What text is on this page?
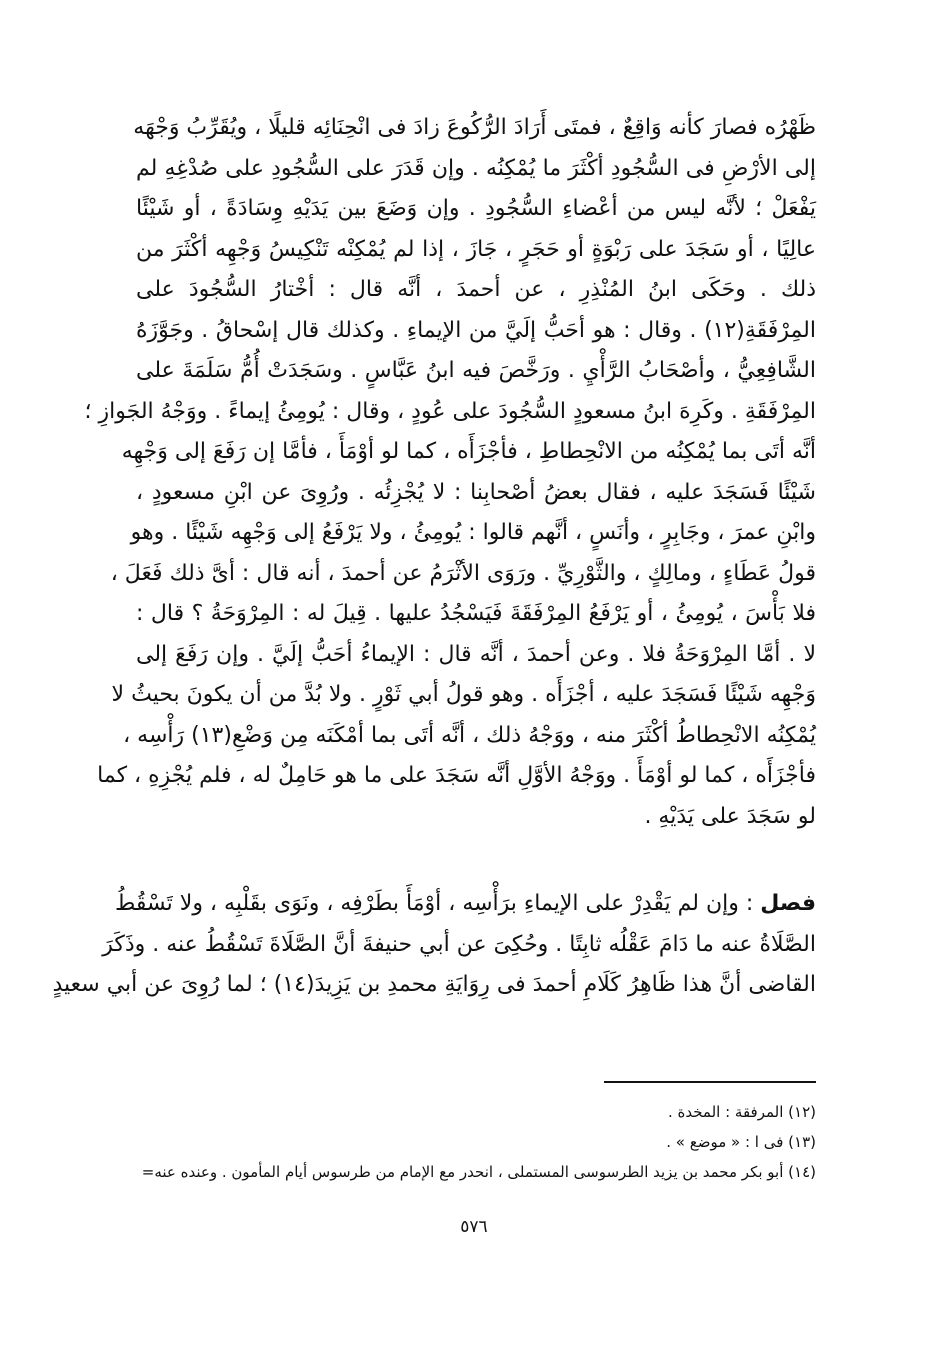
ظَهْرُه فصارَ كأنه وَاقِعٌ ، فمتَى أَرَادَ الرُّكُوعَ زادَ فى انْحِنَائِه قليلًا ، ويُقَرِّبُ وَجْهَه
إلى الأرْضِ فى السُّجُودِ أكْثَرَ ما يُمْكِنُه . وإن قَدَرَ على السُّجُودِ على صُدْغِهِ لم
يَفْعَلْ ؛ لأنَّه ليس من أعْضاءِ السُّجُودِ . وإن وَضَعَ بين يَدَيْهِ وِسَادَةً ، أو شَيْئًا
عالِيًا ، أو سَجَدَ على رَبْوَةٍ أو حَجَرٍ ، جَازَ ، إذا لم يُمْكِنْه تَنْكِيسُ وَجْهِه أكْثَرَ من
ذلك . وحَكَى ابنُ المُنْذِرِ ، عن أحمدَ ، أنَّه قال : أخْتارُ السُّجُودَ على
المِرْفَقَةِ(١٢) . وقال : هو أحَبُّ إلَيَّ من الإيماءِ . وكذلك قال إسْحاقُ . وجَوَّزَهُ
الشَّافِعِيُّ ، وأصْحَابُ الرَّأْيِ . ورَخَّصَ فيه ابنُ عَبَّاسٍ . وسَجَدَتْ أُمُّ سَلَمَةَ على
المِرْفَقَةِ . وكَرِهَ ابنُ مسعودٍ السُّجُودَ على عُودٍ ، وقال : يُومِئُ إيماءً . ووَجْهُ الجَوازِ ؛
أنَّه أتَى بما يُمْكِنُه من الانْحِطاطِ ، فأجْزَأَه ، كما لو أوْمَأَ ، فأمَّا إن رَفَعَ إلى وَجْهِه
شَيْئًا فَسَجَدَ عليه ، فقال بعضُ أصْحابِنا : لا يُجْزِئُه . ورُوِىَ عن ابْنِ مسعودٍ ،
وابْنِ عمرَ ، وجَابِرٍ ، وأنَسٍ ، أنَّهم قالوا : يُومِئُ ، ولا يَرْفَعُ إلى وَجْهِه شَيْئًا . وهو
قولُ عَطَاءٍ ، ومالِكٍ ، والثَّوْرِيِّ . ورَوَى الأثْرَمُ عن أحمدَ ، أنه قال : أىَّ ذلك فَعَلَ ،
فلا بَأْسَ ، يُومِئُ ، أو يَرْفَعُ المِرْفَقَةَ فَيَسْجُدُ عليها . قِيلَ له : المِرْوَحَةُ ؟ قال :
لا . أمَّا المِرْوَحَةُ فلا . وعن أحمدَ ، أنَّه قال : الإيماءُ أحَبُّ إلَيَّ . وإن رَفَعَ إلى
وَجْهِه شَيْئًا فَسَجَدَ عليه ، أجْزَأَه . وهو قولُ أبي ثَوْرٍ . ولا بُدَّ من أن يكونَ بحيثُ لا
يُمْكِنُه الانْحِطاطُ أكْثَرَ منه ، ووَجْهُ ذلك ، أنَّه أتَى بما أمْكَنَه مِن وَضْعِ(١٣) رَأْسِه ،
فأجْزَأَه ، كما لو أوْمَأَ . ووَجْهُ الأوَّلِ أنَّه سَجَدَ على ما هو حَامِلٌ له ، فلم يُجْزِهِ ، كما
لو سَجَدَ على يَدَيْهِ .
فصل : وإن لم يَقْدِرْ على الإيماءِ برَأْسِه ، أوْمَأَ بطَرْفِه ، ونَوَى بقَلْبِه ، ولا تَسْقُطُ
الصَّلَاةُ عنه ما دَامَ عَقْلُه ثابِتًا . وحُكِىَ عن أبي حنيفةَ أنَّ الصَّلَاةَ تَسْقُطُ عنه . وذَكَرَ
القاضى أنَّ هذا ظَاهِرُ كَلَامِ أحمدَ فى رِوَايَةِ محمدِ بن يَزِيدَ(١٤) ؛ لما رُوِىَ عن أبي سعيدٍ
(١٢) المرفقة : المخدة .
(١٣) فى ا : « موضع » .
(١٤) أبو بكر محمد بن يزيد الطرسوسى المستملى ، انحدر مع الإمام من طرسوس أيام المأمون . وعنده عنه=
٥٧٦
